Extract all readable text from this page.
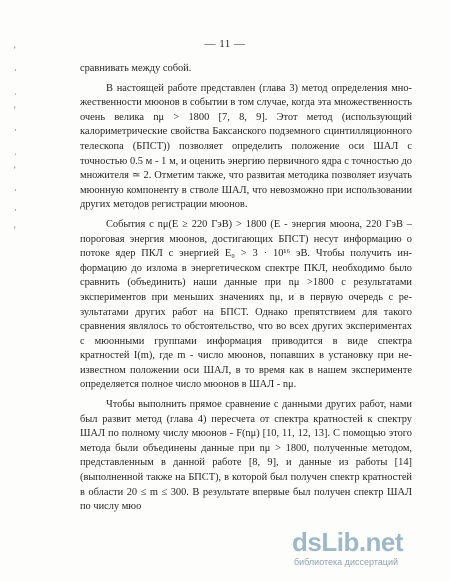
'
·
ˌ
'
·
ˌ
'
·
·
'
— 11 —

сравнивать между собой.

В настоящей работе представлен (глава 3) метод определения множественности мюонов в событии в том случае, когда эта множественность очень велика nμ > 1800 [7, 8, 9]. Этот метод (использующий калориметрические свойства Баксанского подземного сцинтилляционного телескопа (БПСТ)) позволяет определить положение оси ШАЛ с точностью 0.5 м - 1 м, и оценить энергию первичного ядра с точностью до множителя ≃ 2. Отметим также, что развитая методика позволяет изучать мюонную компоненту в стволе ШАЛ, что невозможно при использовании других методов регистрации мюонов.

События с nμ(E ≥ 220 ГэВ) > 1800 (E - энергия мюона, 220 ГэВ – пороговая энергия мюонов, достигающих БПСТ) несут информацию о потоке ядер ПКЛ с энергией E₀ > 3 · 10¹⁶ эВ. Чтобы получить информацию до излома в энергетическом спектре ПКЛ, необходимо было сравнить (объединить) наши данные при nμ >1800 с результатами экспериментов при меньших значениях nμ, и в первую очередь с результатами других работ на БПСТ. Однако препятствием для такого сравнения являлось то обстоятельство, что во всех других экспериментах с мюонными группами информация приводится в виде спектра кратностей I(m), где m - число мюонов, попавших в установку при неизвестном положении оси ШАЛ, в то время как в нашем эксперименте определяется полное число мюонов в ШАЛ - nμ.

Чтобы выполнить прямое сравнение с данными других работ, нами был развит метод (глава 4) пересчета от спектра кратностей к спектру ШАЛ по полному числу мюонов - F(nμ) [10, 11, 12, 13]. С помощью этого метода были объединены данные при nμ > 1800, полученные методом, представленным в данной работе [8, 9], и данные из работы [14] (выполненной также на БПСТ), в которой был получен спектр кратностей в области 20 ≤ m ≤ 300. В результате впервые был получен спектр ШАЛ по числу мюо

dsLib.net
библиотека диссертаций
